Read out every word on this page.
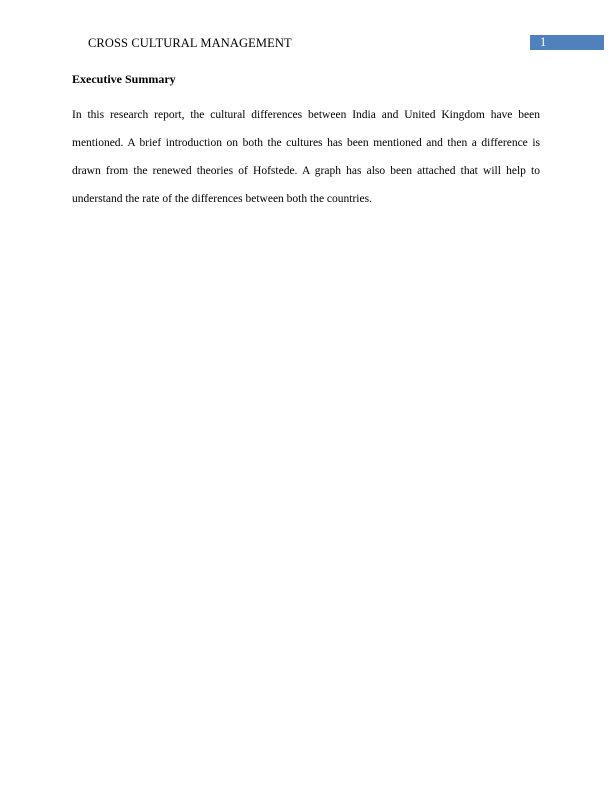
CROSS CULTURAL MANAGEMENT	1
Executive Summary

In this research report, the cultural differences between India and United Kingdom have been mentioned. A brief introduction on both the cultures has been mentioned and then a difference is drawn from the renewed theories of Hofstede. A graph has also been attached that will help to understand the rate of the differences between both the countries.
